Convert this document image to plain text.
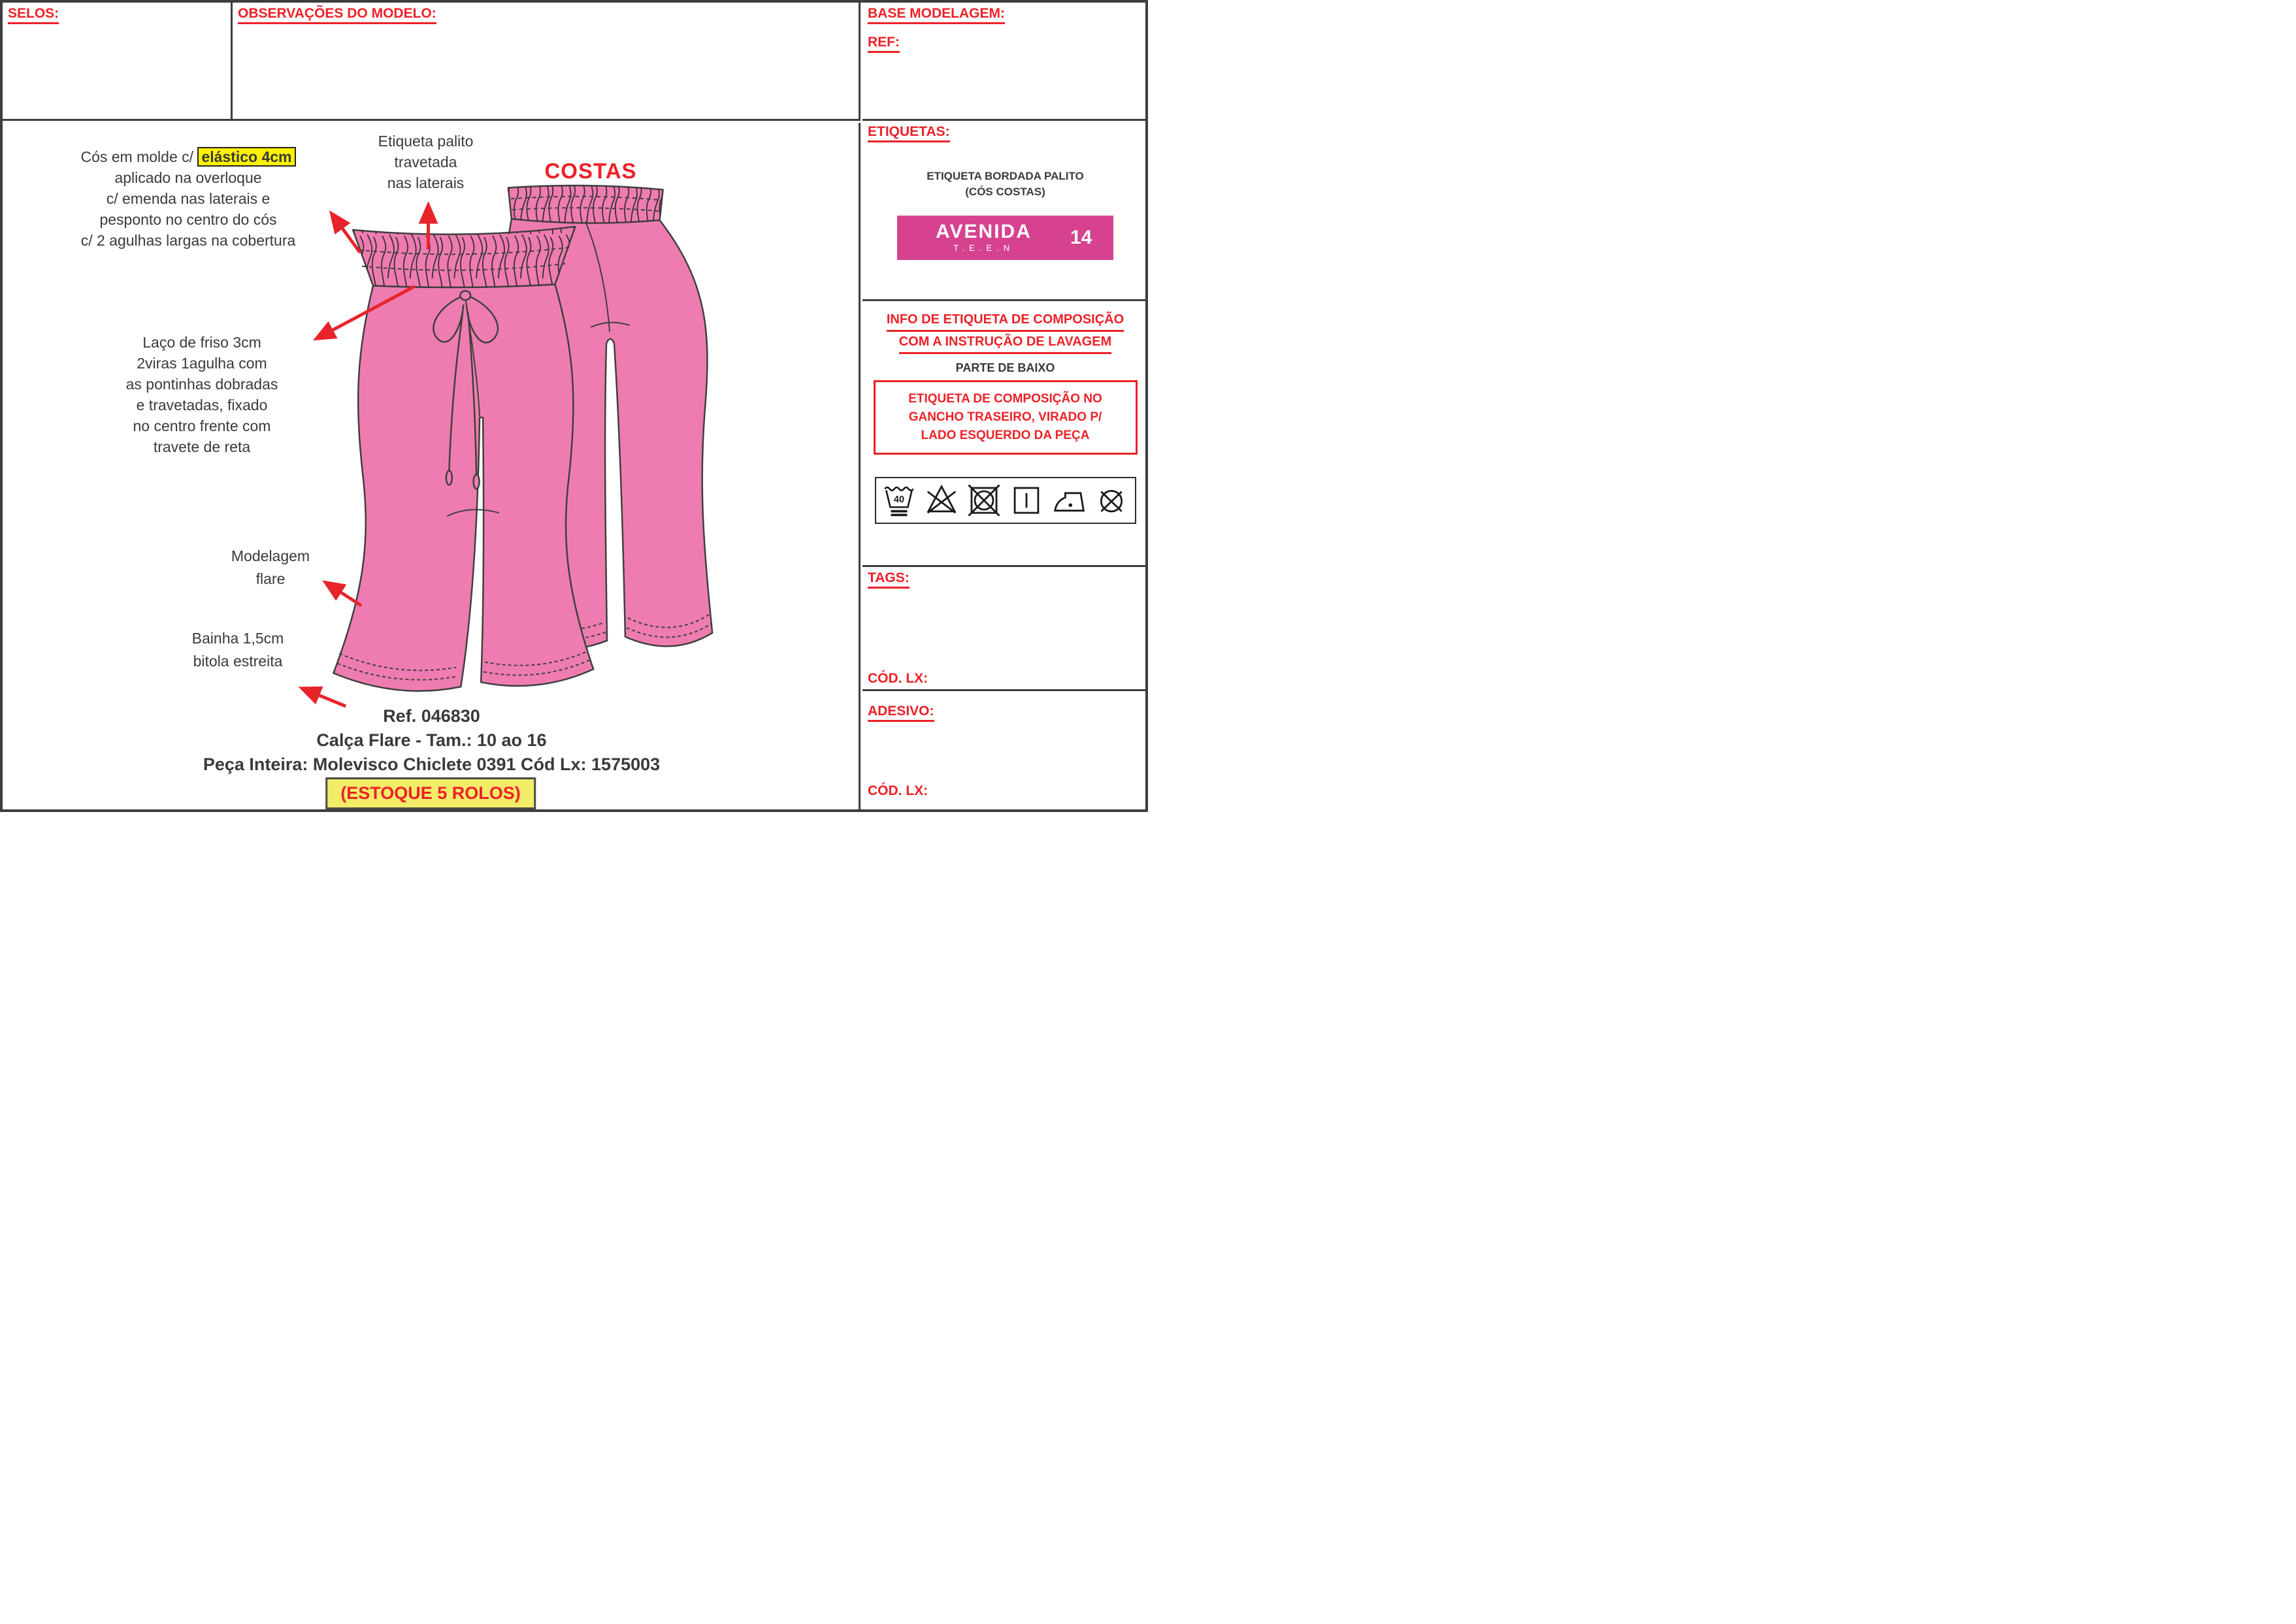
SELOS:	OBSERVAÇÕES DO MODELO:
Cós em molde c/ elástico 4cm
aplicado na overloque
c/ emenda nas laterais e
pesponto no centro do cós
c/ 2 agulhas largas na cobertura
Etiqueta palito
travetada
nas laterais	COSTAS
Laço de friso 3cm
2viras 1agulha com
as pontinhas dobradas
e travetadas, fixado
no centro frente com
travete de reta
Modelagem
flare
Bainha 1,5cm
bitola estreita
Ref. 046830
Calça Flare - Tam.: 10 ao 16
Peça Inteira: Molevisco Chiclete 0391 Cód Lx: 1575003
(ESTOQUE 5 ROLOS)
BASE MODELAGEM:
REF:
ETIQUETAS:
ETIQUETA BORDADA PALITO
(CÓS COSTAS)
AVENIDA
T.E.E.N	14
INFO DE ETIQUETA DE COMPOSIÇÃO
COM A INSTRUÇÃO DE LAVAGEM
PARTE DE BAIXO
ETIQUETA DE COMPOSIÇÃO NO
GANCHO TRASEIRO, VIRADO P/
LADO ESQUERDO DA PEÇA
40
TAGS:
CÓD. LX:
ADESIVO:
CÓD. LX:
